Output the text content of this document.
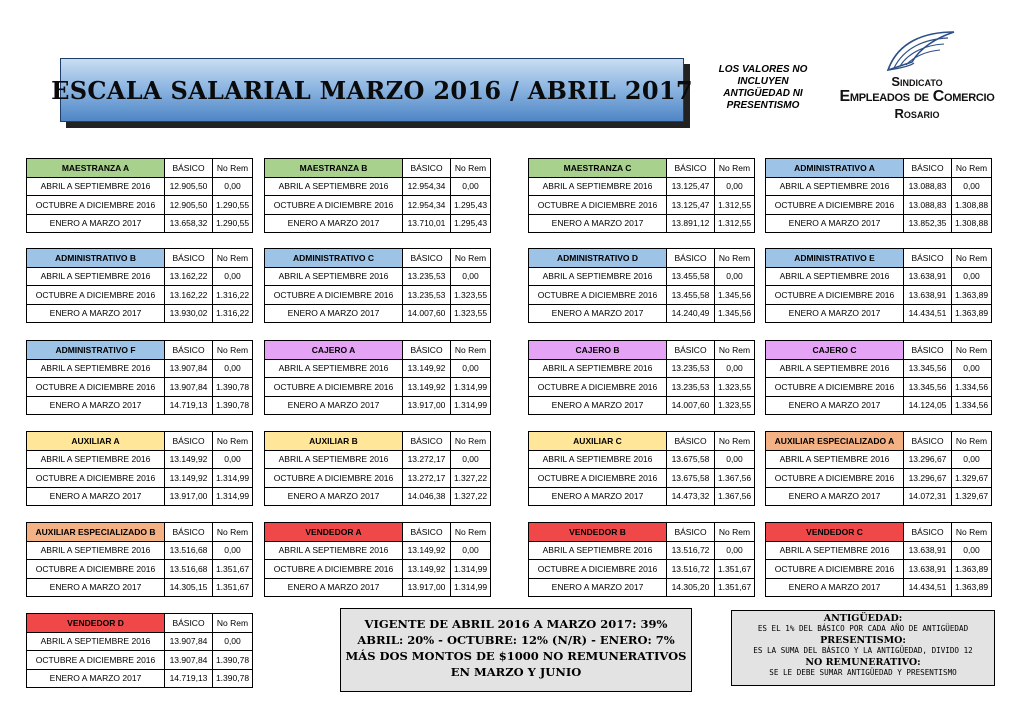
ESCALA SALARIAL MARZO 2016 / ABRIL 2017
LOS VALORES NO INCLUYEN ANTIGÜEDAD NI PRESENTISMO
Sindicato
Empleados de Comercio
Rosario
MAESTRANZA A	BÁSICO	No Rem
ABRIL A SEPTIEMBRE 2016	12.905,50	0,00
OCTUBRE A DICIEMBRE 2016	12.905,50	1.290,55
ENERO A MARZO 2017	13.658,32	1.290,55
MAESTRANZA B	BÁSICO	No Rem
ABRIL A SEPTIEMBRE 2016	12.954,34	0,00
OCTUBRE A DICIEMBRE 2016	12.954,34	1.295,43
ENERO A MARZO 2017	13.710,01	1.295,43
MAESTRANZA C	BÁSICO	No Rem
ABRIL A SEPTIEMBRE 2016	13.125,47	0,00
OCTUBRE A DICIEMBRE 2016	13.125,47	1.312,55
ENERO A MARZO 2017	13.891,12	1.312,55
ADMINISTRATIVO A	BÁSICO	No Rem
ABRIL A SEPTIEMBRE 2016	13.088,83	0,00
OCTUBRE A DICIEMBRE 2016	13.088,83	1.308,88
ENERO A MARZO 2017	13.852,35	1.308,88
ADMINISTRATIVO B	BÁSICO	No Rem
ABRIL A SEPTIEMBRE 2016	13.162,22	0,00
OCTUBRE A DICIEMBRE 2016	13.162,22	1.316,22
ENERO A MARZO 2017	13.930,02	1.316,22
ADMINISTRATIVO C	BÁSICO	No Rem
ABRIL A SEPTIEMBRE 2016	13.235,53	0,00
OCTUBRE A DICIEMBRE 2016	13.235,53	1.323,55
ENERO A MARZO 2017	14.007,60	1.323,55
ADMINISTRATIVO D	BÁSICO	No Rem
ABRIL A SEPTIEMBRE 2016	13.455,58	0,00
OCTUBRE A DICIEMBRE 2016	13.455,58	1.345,56
ENERO A MARZO 2017	14.240,49	1.345,56
ADMINISTRATIVO E	BÁSICO	No Rem
ABRIL A SEPTIEMBRE 2016	13.638,91	0,00
OCTUBRE A DICIEMBRE 2016	13.638,91	1.363,89
ENERO A MARZO 2017	14.434,51	1.363,89
ADMINISTRATIVO F	BÁSICO	No Rem
ABRIL A SEPTIEMBRE 2016	13.907,84	0,00
OCTUBRE A DICIEMBRE 2016	13.907,84	1.390,78
ENERO A MARZO 2017	14.719,13	1.390,78
CAJERO A	BÁSICO	No Rem
ABRIL A SEPTIEMBRE 2016	13.149,92	0,00
OCTUBRE A DICIEMBRE 2016	13.149,92	1.314,99
ENERO A MARZO 2017	13.917,00	1.314,99
CAJERO B	BÁSICO	No Rem
ABRIL A SEPTIEMBRE 2016	13.235,53	0,00
OCTUBRE A DICIEMBRE 2016	13.235,53	1.323,55
ENERO A MARZO 2017	14.007,60	1.323,55
CAJERO C	BÁSICO	No Rem
ABRIL A SEPTIEMBRE 2016	13.345,56	0,00
OCTUBRE A DICIEMBRE 2016	13.345,56	1.334,56
ENERO A MARZO 2017	14.124,05	1.334,56
AUXILIAR A	BÁSICO	No Rem
ABRIL A SEPTIEMBRE 2016	13.149,92	0,00
OCTUBRE A DICIEMBRE 2016	13.149,92	1.314,99
ENERO A MARZO 2017	13.917,00	1.314,99
AUXILIAR B	BÁSICO	No Rem
ABRIL A SEPTIEMBRE 2016	13.272,17	0,00
OCTUBRE A DICIEMBRE 2016	13.272,17	1.327,22
ENERO A MARZO 2017	14.046,38	1.327,22
AUXILIAR C	BÁSICO	No Rem
ABRIL A SEPTIEMBRE 2016	13.675,58	0,00
OCTUBRE A DICIEMBRE 2016	13.675,58	1.367,56
ENERO A MARZO 2017	14.473,32	1.367,56
AUXILIAR ESPECIALIZADO A	BÁSICO	No Rem
ABRIL A SEPTIEMBRE 2016	13.296,67	0,00
OCTUBRE A DICIEMBRE 2016	13.296,67	1.329,67
ENERO A MARZO 2017	14.072,31	1.329,67
AUXILIAR ESPECIALIZADO B	BÁSICO	No Rem
ABRIL A SEPTIEMBRE 2016	13.516,68	0,00
OCTUBRE A DICIEMBRE 2016	13.516,68	1.351,67
ENERO A MARZO 2017	14.305,15	1.351,67
VENDEDOR A	BÁSICO	No Rem
ABRIL A SEPTIEMBRE 2016	13.149,92	0,00
OCTUBRE A DICIEMBRE 2016	13.149,92	1.314,99
ENERO A MARZO 2017	13.917,00	1.314,99
VENDEDOR B	BÁSICO	No Rem
ABRIL A SEPTIEMBRE 2016	13.516,72	0,00
OCTUBRE A DICIEMBRE 2016	13.516,72	1.351,67
ENERO A MARZO 2017	14.305,20	1.351,67
VENDEDOR C	BÁSICO	No Rem
ABRIL A SEPTIEMBRE 2016	13.638,91	0,00
OCTUBRE A DICIEMBRE 2016	13.638,91	1.363,89
ENERO A MARZO 2017	14.434,51	1.363,89
VENDEDOR D	BÁSICO	No Rem
ABRIL A SEPTIEMBRE 2016	13.907,84	0,00
OCTUBRE A DICIEMBRE 2016	13.907,84	1.390,78
ENERO A MARZO 2017	14.719,13	1.390,78
VIGENTE DE ABRIL 2016 A MARZO 2017: 39%
ABRIL: 20% - OCTUBRE: 12% (N/R) - ENERO: 7%
MÁS DOS MONTOS DE $1000 NO REMUNERATIVOS
EN MARZO Y JUNIO
ANTIGÜEDAD:
ES EL 1% DEL BÁSICO POR CADA AÑO DE ANTIGÜEDAD
PRESENTISMO:
ES LA SUMA DEL BÁSICO Y LA ANTIGÜEDAD, DIVIDO 12
NO REMUNERATIVO:
SE LE DEBE SUMAR ANTIGÜEDAD Y PRESENTISMO
